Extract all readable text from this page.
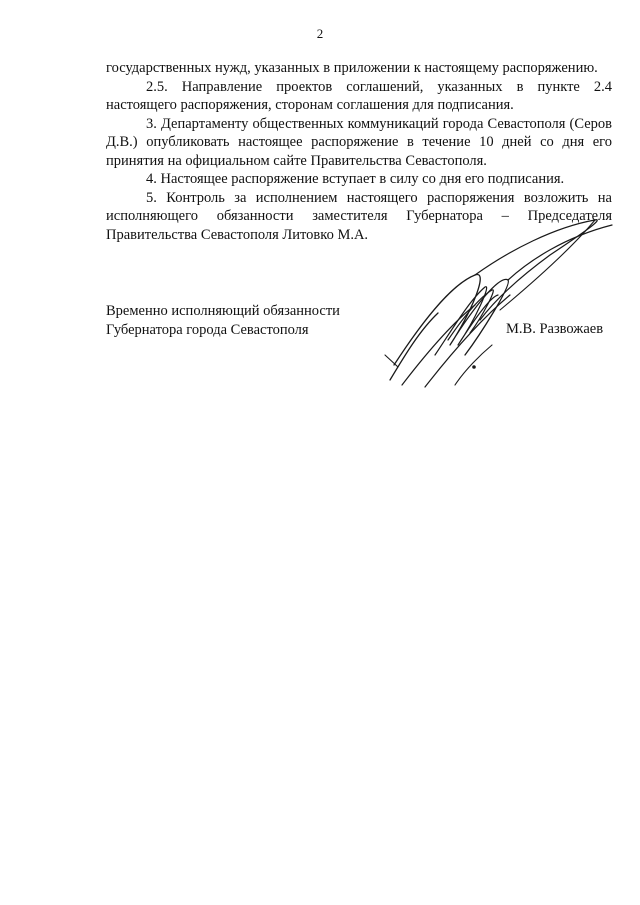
2

государственных нужд, указанных в приложении к настоящему распоряжению.

2.5. Направление проектов соглашений, указанных в пункте 2.4 настоящего распоряжения, сторонам соглашения для подписания.

3. Департаменту общественных коммуникаций города Севастополя (Серов Д.В.) опубликовать настоящее распоряжение в течение 10 дней со дня его принятия на официальном сайте Правительства Севастополя.

4. Настоящее распоряжение вступает в силу со дня его подписания.

5. Контроль за исполнением настоящего распоряжения возложить на исполняющего обязанности заместителя Губернатора – Председателя Правительства Севастополя Литовко М.А.

Временно исполняющий обязанности
Губернатора города Севастополя	М.В. Развожаев
